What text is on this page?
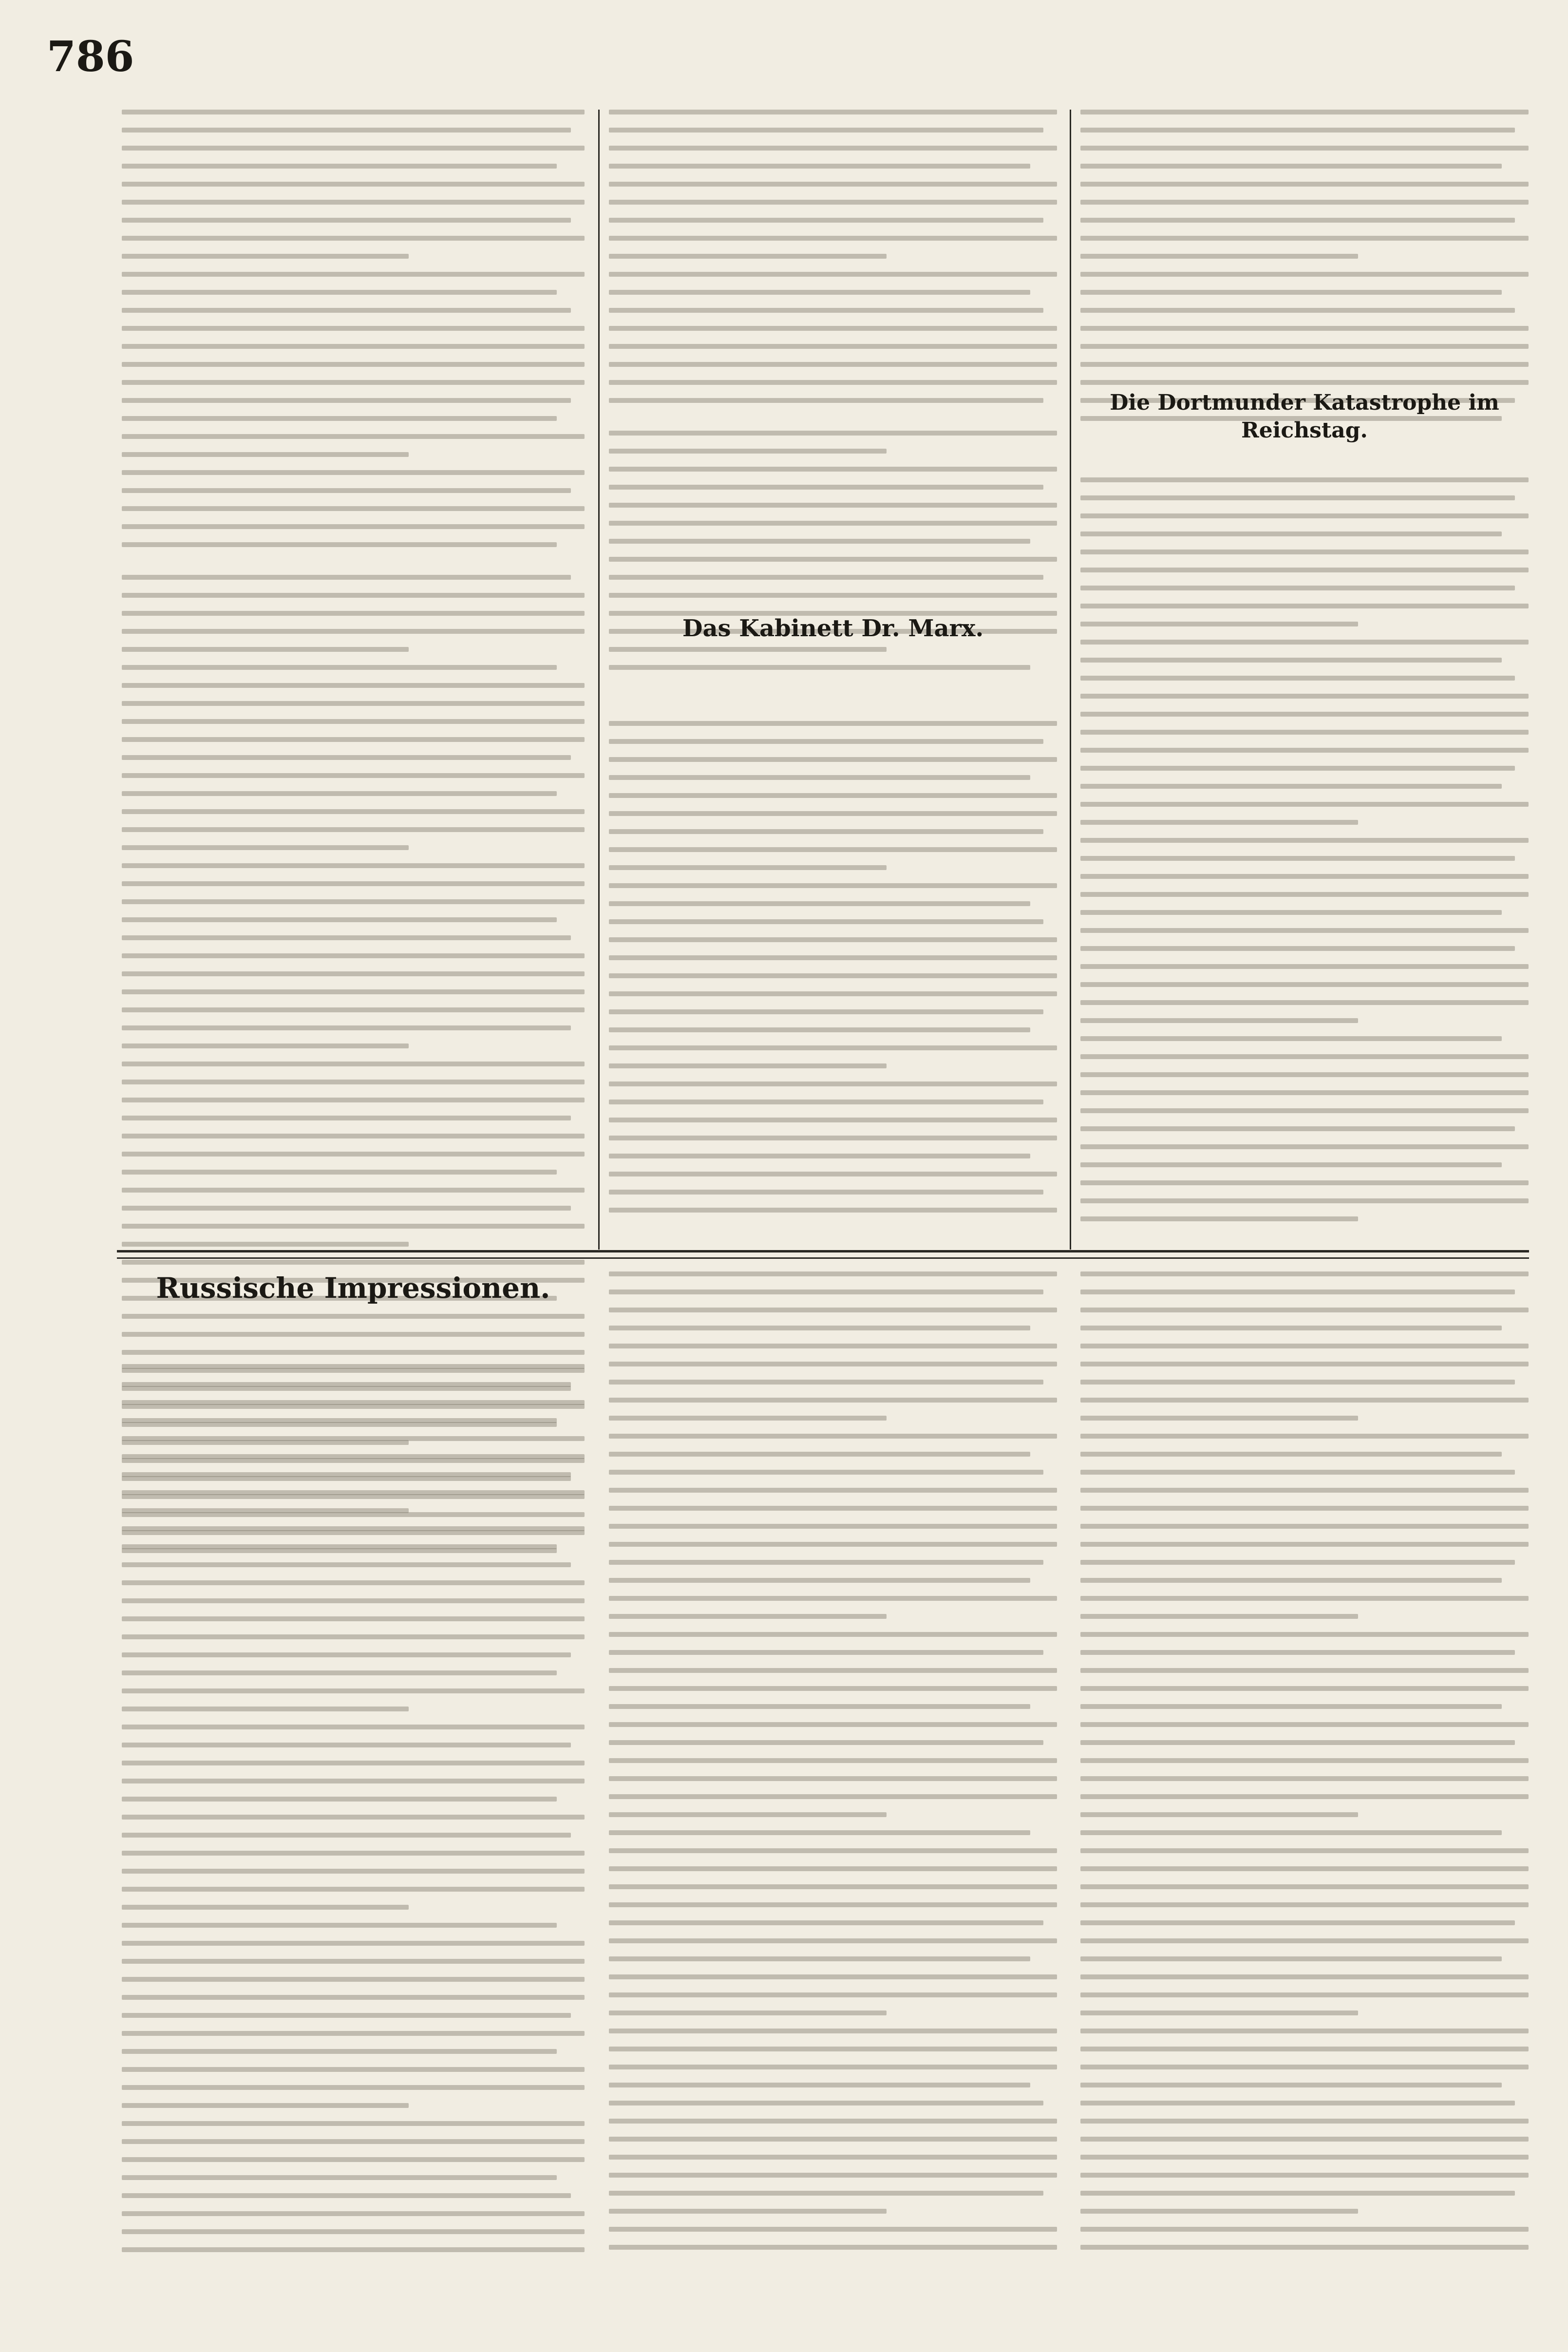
786
Das Kabinett Dr. Marx.
Die Dortmunder Katastrophe im Reichstag.
Russische Impressionen.
